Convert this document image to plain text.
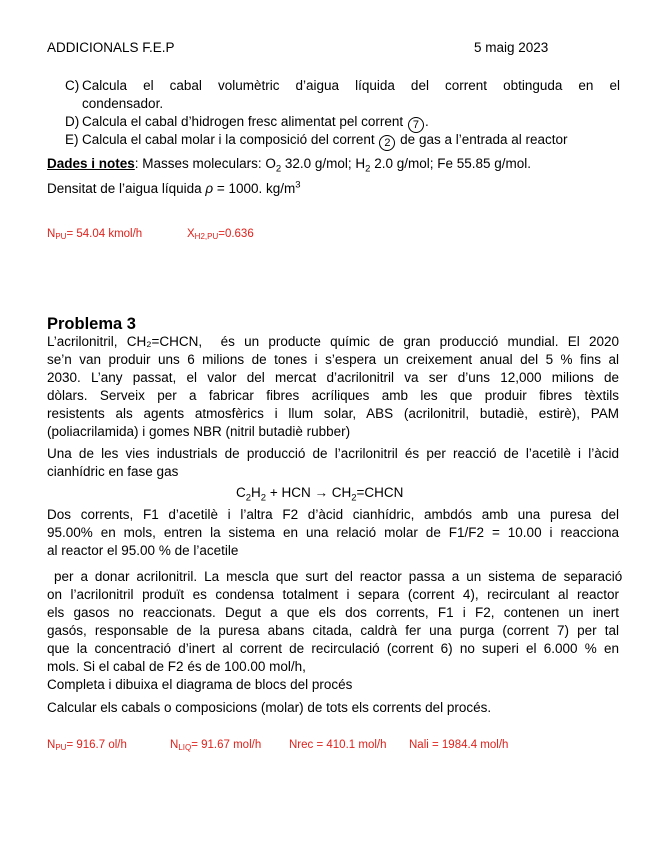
ADDICIONALS F.E.P	5 maig 2023
C) Calcula el cabal volumètric d’aigua líquida del corrent obtinguda en el
condensador.
D) Calcula el cabal d’hidrogen fresc alimentat pel corrent 7 .
E) Calcula el cabal molar i la composició del corrent 2 de gas a l’entrada al reactor
Dades i notes: Masses moleculars: $O_2$ 32.0 g/mol; $H_2$ 2.0 g/mol; Fe 55.85 g/mol.
Densitat de l’aigua líquida ρ = 1000. $kg/m^3$
$N_{PU}= 54.04$ kmol/h	$X_{H2,PU}=0.636$
Problema 3
L’acrilonitril, CH₂=CHCN,  és un producte químic de gran producció mundial. El 2020
se’n van produir uns 6 milions de tones i s’espera un creixement anual del 5 % fins al
2030. L’any passat, el valor del mercat d’acrilonitril va ser d’uns 12,000 milions de
dòlars. Serveix per a fabricar fibres acríliques amb les que produir fibres tèxtils
resistents als agents atmosfèrics i llum solar, ABS (acrilonitril, butadiè, estirè), PAM
(poliacrilamida) i gomes NBR (nitril butadiè rubber)
Una de les vies industrials de producció de l’acrilonitril és per reacció de l’acetilè i l’àcid
cianhídric en fase gas
$C_2H_2$ + HCN → $CH_2=CHCN$
Dos corrents, F1 d’acetilè i l’altra F2 d’àcid cianhídric, ambdós amb una puresa del
95.00% en mols, entren la sistema en una relació molar de F1/F2 = 10.00 i reacciona
al reactor el 95.00 % de l’acetile
per a donar acrilonitril. La mescla que surt del reactor passa a un sistema de separació
on l’acrilonitril produït es condensa totalment i separa (corrent 4), recirculant al reactor
els gasos no reaccionats. Degut a que els dos corrents, F1 i F2, contenen un inert
gasós, responsable de la puresa abans citada, caldrà fer una purga (corrent 7) per tal
que la concentració d’inert al corrent de recirculació (corrent 6) no superi el 6.000 % en
mols. Si el cabal de F2 és de 100.00 mol/h,
Completa i dibuixa el diagrama de blocs del procés
Calcular els cabals o composicions (molar) de tots els corrents del procés.
$N_{PU}= 916.7$ ol/h	$N_{LIQ}= 91.67$ mol/h Nrec = 410.1 mol/h Nali = 1984.4 mol/h
